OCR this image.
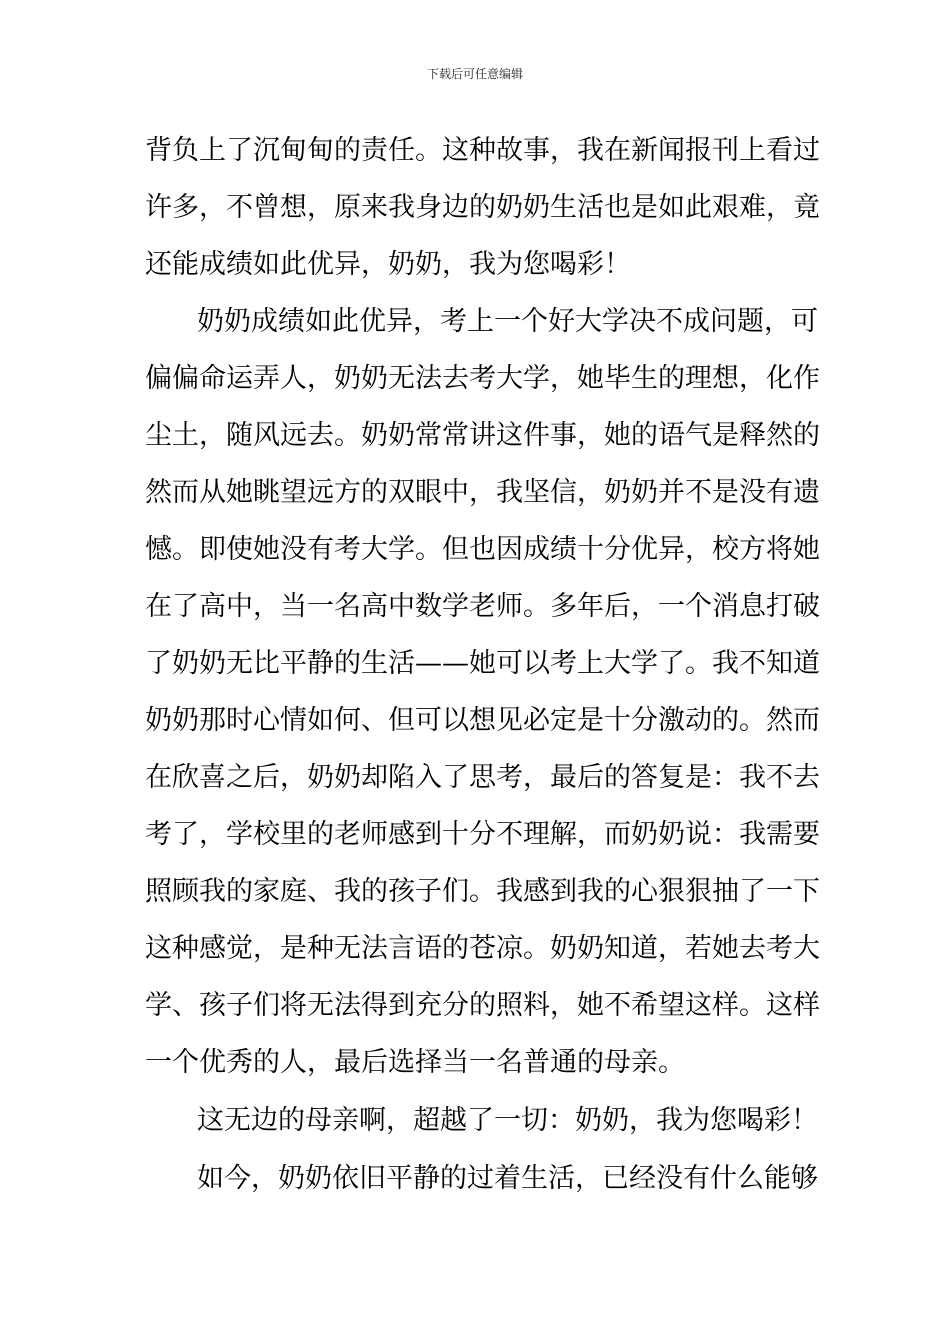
下载后可任意编辑
背负上了沉甸甸的责任。这种故事，我在新闻报刊上看过
许多，不曾想，原来我身边的奶奶生活也是如此艰难，竟
还能成绩如此优异，奶奶，我为您喝彩！
奶奶成绩如此优异，考上一个好大学决不成问题，可
偏偏命运弄人，奶奶无法去考大学，她毕生的理想，化作
尘土，随风远去。奶奶常常讲这件事，她的语气是释然的
然而从她眺望远方的双眼中，我坚信，奶奶并不是没有遗
憾。即使她没有考大学。但也因成绩十分优异，校方将她
在了高中，当一名高中数学老师。多年后，一个消息打破
了奶奶无比平静的生活——她可以考上大学了。我不知道
奶奶那时心情如何、但可以想见必定是十分激动的。然而
在欣喜之后，奶奶却陷入了思考，最后的答复是：我不去
考了，学校里的老师感到十分不理解，而奶奶说：我需要
照顾我的家庭、我的孩子们。我感到我的心狠狠抽了一下
这种感觉，是种无法言语的苍凉。奶奶知道，若她去考大
学、孩子们将无法得到充分的照料，她不希望这样。这样
一个优秀的人，最后选择当一名普通的母亲。
这无边的母亲啊，超越了一切：奶奶，我为您喝彩！
如今，奶奶依旧平静的过着生活，已经没有什么能够
